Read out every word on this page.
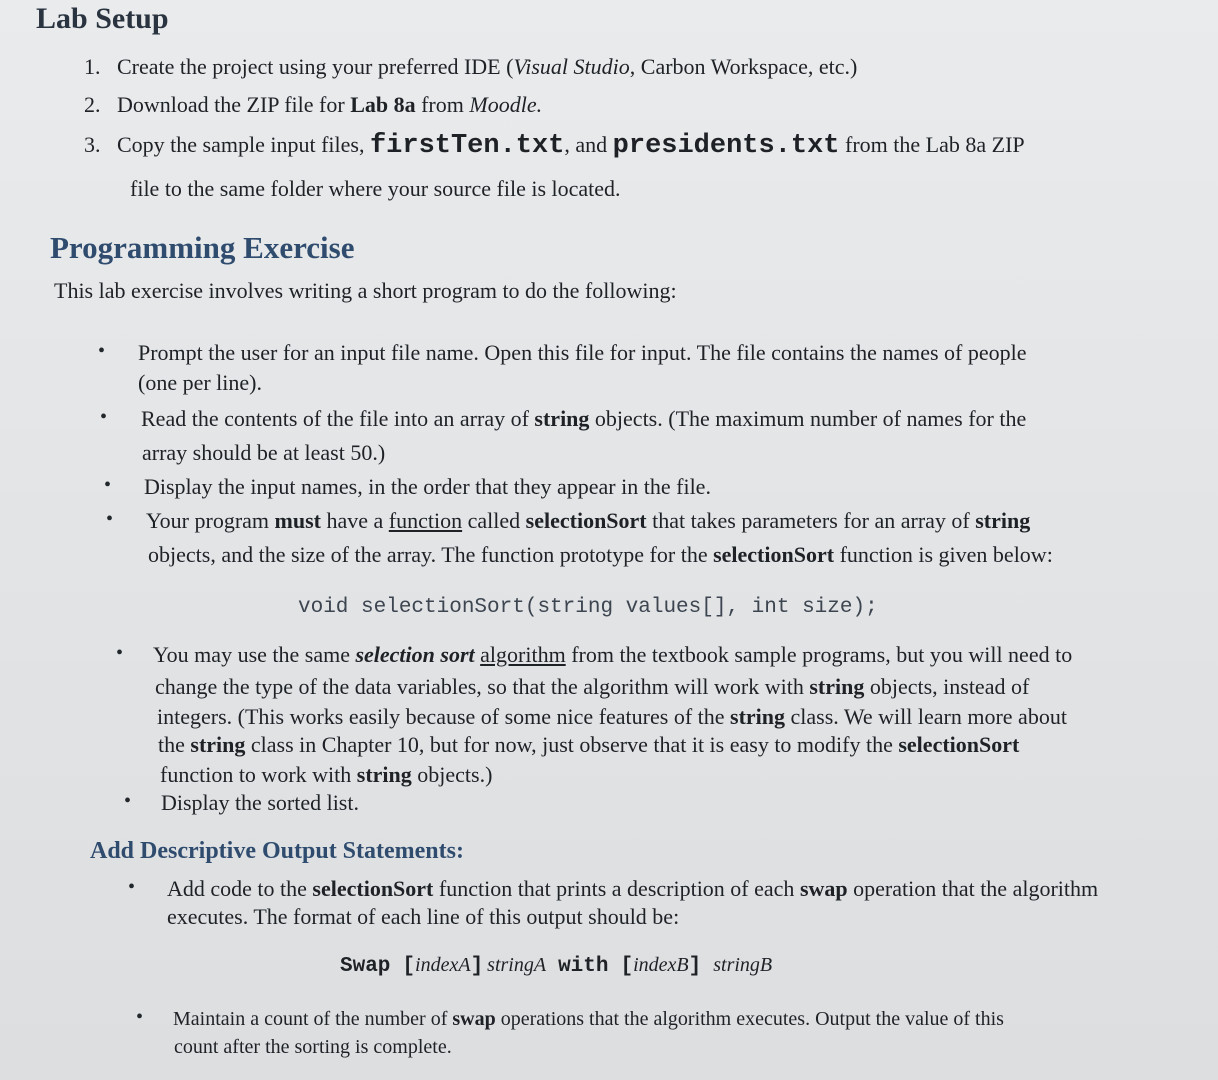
Lab Setup
1. Create the project using your preferred IDE (Visual Studio, Carbon Workspace, etc.)
2. Download the ZIP file for Lab 8a from Moodle.
3. Copy the sample input files, firstTen.txt, and presidents.txt from the Lab 8a ZIP
file to the same folder where your source file is located.
Programming Exercise
This lab exercise involves writing a short program to do the following:
• Prompt the user for an input file name. Open this file for input. The file contains the names of people
(one per line).
• Read the contents of the file into an array of string objects. (The maximum number of names for the
array should be at least 50.)
• Display the input names, in the order that they appear in the file.
• Your program must have a function called selectionSort that takes parameters for an array of string
objects, and the size of the array. The function prototype for the selectionSort function is given below:
void selectionSort(string values[], int size);
• You may use the same selection sort algorithm from the textbook sample programs, but you will need to
change the type of the data variables, so that the algorithm will work with string objects, instead of
integers. (This works easily because of some nice features of the string class. We will learn more about
the string class in Chapter 10, but for now, just observe that it is easy to modify the selectionSort
function to work with string objects.)
• Display the sorted list.
Add Descriptive Output Statements:
• Add code to the selectionSort function that prints a description of each swap operation that the algorithm
executes. The format of each line of this output should be:
Swap [indexA] stringA with [indexB] stringB
• Maintain a count of the number of swap operations that the algorithm executes. Output the value of this
count after the sorting is complete.
